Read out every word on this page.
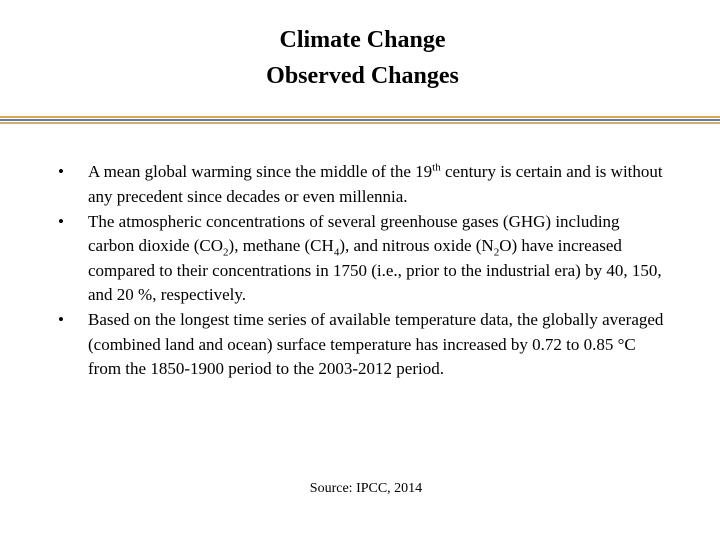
Climate Change
Observed Changes
• A mean global warming since the middle of the 19th century is certain and is without any precedent since decades or even millennia.
• The atmospheric concentrations of several greenhouse gases (GHG) including carbon dioxide $(CO_2)$, methane $(CH_4)$, and nitrous oxide $(N_2O)$ have increased compared to their concentrations in 1750 (i.e., prior to the industrial era) by 40, 150, and 20 %, respectively.
• Based on the longest time series of available temperature data, the globally averaged (combined land and ocean) surface temperature has increased by 0.72 to 0.85 °C from the 1850-1900 period to the 2003-2012 period.
Source: IPCC, 2014
